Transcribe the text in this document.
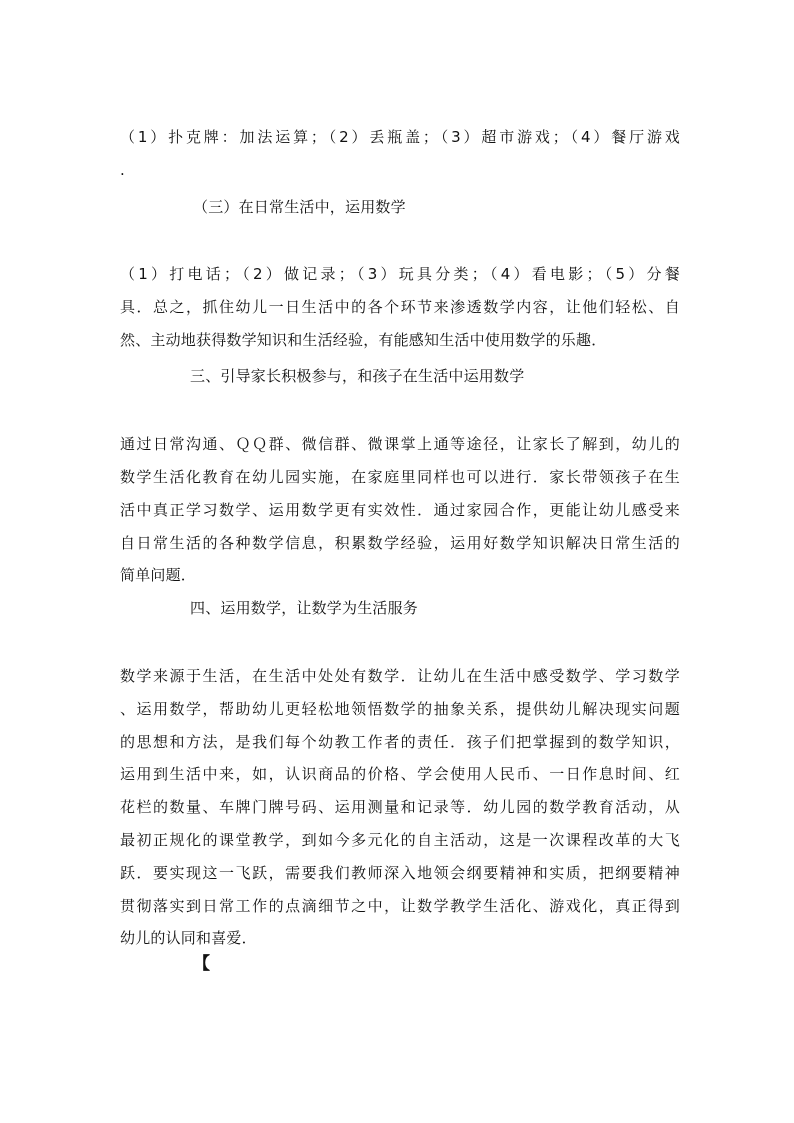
（1）扑克牌：加法运算；（2）丢瓶盖；（3）超市游戏；（4）餐厅游戏
.
（三）在日常生活中，运用数学
（1）打电话；（2）做记录；（3）玩具分类；（4）看电影；（5）分餐
具．总之，抓住幼儿一日生活中的各个环节来渗透数学内容，让他们轻松、自
然、主动地获得数学知识和生活经验，有能感知生活中使用数学的乐趣．
三、引导家长积极参与，和孩子在生活中运用数学
通过日常沟通、ＱＱ群、微信群、微课掌上通等途径，让家长了解到，幼儿的
数学生活化教育在幼儿园实施，在家庭里同样也可以进行．家长带领孩子在生
活中真正学习数学、运用数学更有实效性．通过家园合作，更能让幼儿感受来
自日常生活的各种数学信息，积累数学经验，运用好数学知识解决日常生活的
简单问题．
四、运用数学，让数学为生活服务
数学来源于生活，在生活中处处有数学．让幼儿在生活中感受数学、学习数学
、运用数学，帮助幼儿更轻松地领悟数学的抽象关系，提供幼儿解决现实问题
的思想和方法，是我们每个幼教工作者的责任．孩子们把掌握到的数学知识，
运用到生活中来，如，认识商品的价格、学会使用人民币、一日作息时间、红
花栏的数量、车牌门牌号码、运用测量和记录等．幼儿园的数学教育活动，从
最初正规化的课堂教学，到如今多元化的自主活动，这是一次课程改革的大飞
跃．要实现这一飞跃，需要我们教师深入地领会纲要精神和实质，把纲要精神
贯彻落实到日常工作的点滴细节之中，让数学教学生活化、游戏化，真正得到
幼儿的认同和喜爱．
【
